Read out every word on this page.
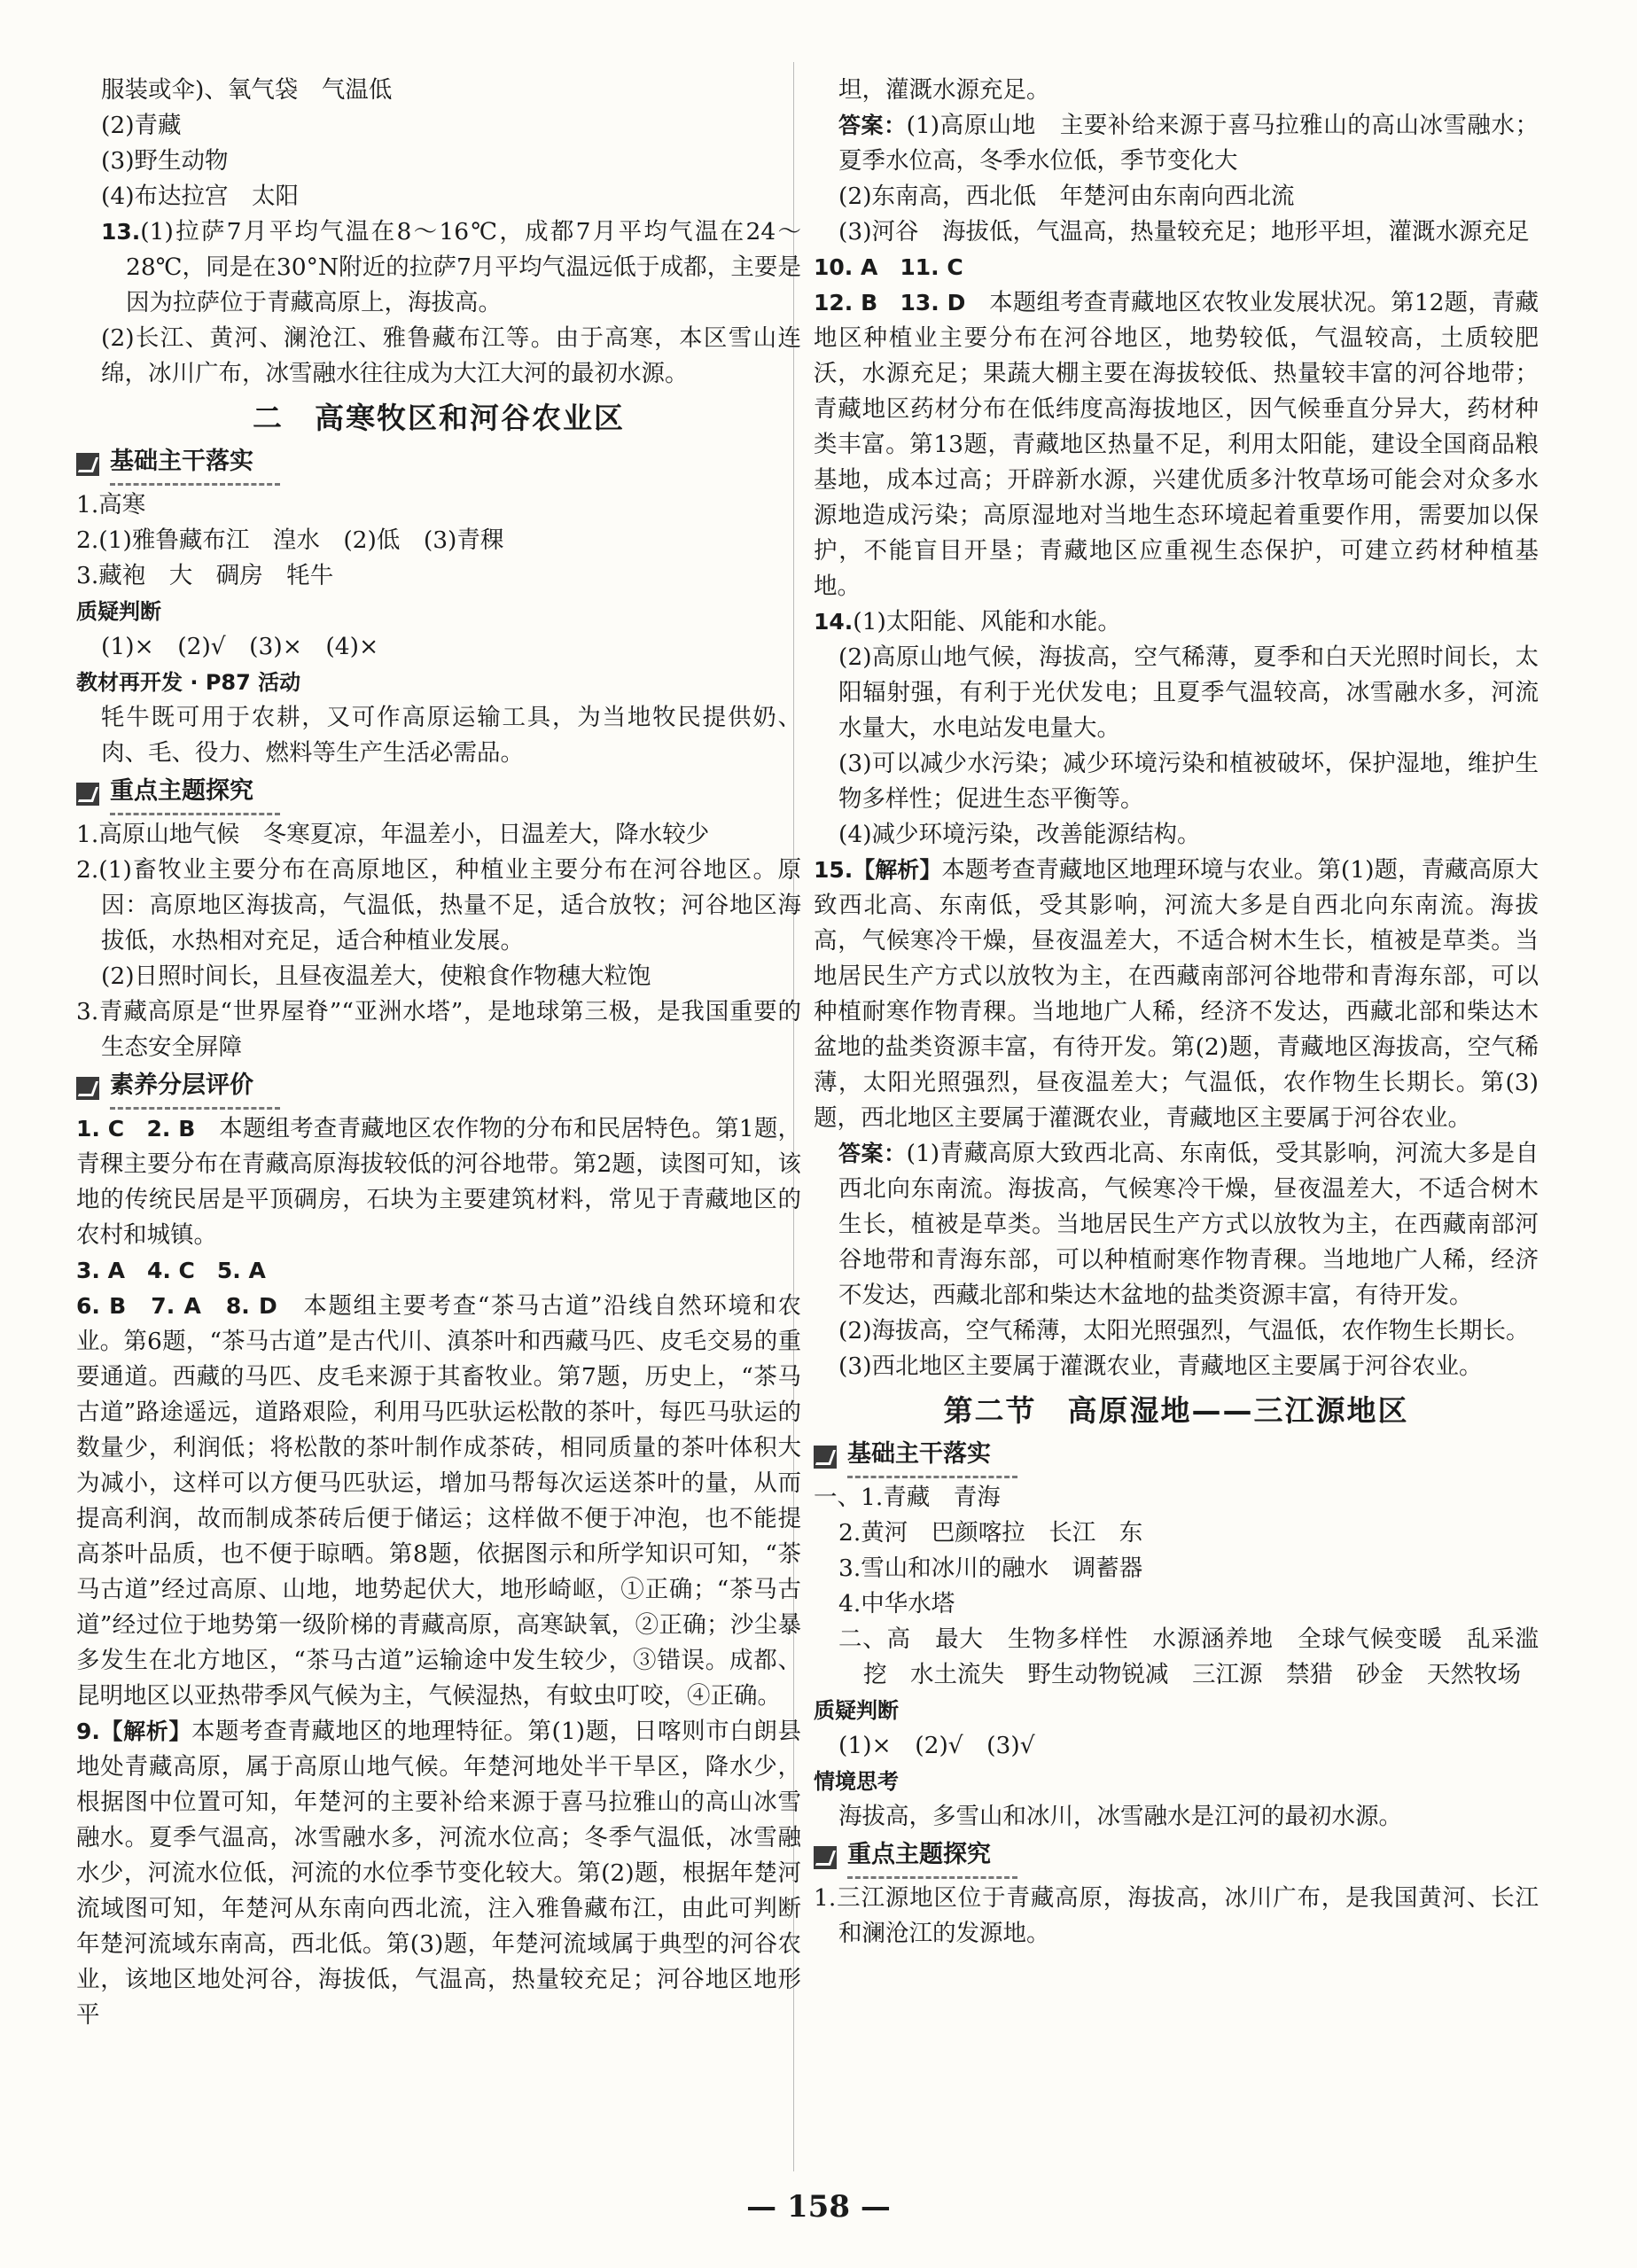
服装或伞)、氧气袋　气温低

(2)青藏

(3)野生动物

(4)布达拉宫　太阳

13.(1)拉萨7月平均气温在8～16℃，成都7月平均气温在24～28℃，同是在30°N附近的拉萨7月平均气温远低于成都，主要是因为拉萨位于青藏高原上，海拔高。

(2)长江、黄河、澜沧江、雅鲁藏布江等。由于高寒，本区雪山连绵，冰川广布，冰雪融水往往成为大江大河的最初水源。

二　高寒牧区和河谷农业区
基础主干落实

1.高寒

2.(1)雅鲁藏布江　湟水　(2)低　(3)青稞

3.藏袍　大　碉房　牦牛

质疑判断

(1)×　(2)√　(3)×　(4)×

教材再开发 · P87 活动

牦牛既可用于农耕，又可作高原运输工具，为当地牧民提供奶、肉、毛、役力、燃料等生产生活必需品。

重点主题探究

1.高原山地气候　冬寒夏凉，年温差小，日温差大，降水较少

2.(1)畜牧业主要分布在高原地区，种植业主要分布在河谷地区。原因：高原地区海拔高，气温低，热量不足，适合放牧；河谷地区海拔低，水热相对充足，适合种植业发展。

(2)日照时间长，且昼夜温差大，使粮食作物穗大粒饱

3.青藏高原是“世界屋脊”“亚洲水塔”，是地球第三极，是我国重要的生态安全屏障

素养分层评价

1. C　2. B　 本题组考查青藏地区农作物的分布和民居特色。第1题，青稞主要分布在青藏高原海拔较低的河谷地带。第2题，读图可知，该地的传统民居是平顶碉房，石块为主要建筑材料，常见于青藏地区的农村和城镇。

3. A　4. C　5. A

6. B　7. A　8. D　 本题组主要考查“茶马古道”沿线自然环境和农业。第6题，“茶马古道”是古代川、滇茶叶和西藏马匹、皮毛交易的重要通道。西藏的马匹、皮毛来源于其畜牧业。第7题，历史上，“茶马古道”路途遥远，道路艰险，利用马匹驮运松散的茶叶，每匹马驮运的数量少，利润低；将松散的茶叶制作成茶砖，相同质量的茶叶体积大为减小，这样可以方便马匹驮运，增加马帮每次运送茶叶的量，从而提高利润，故而制成茶砖后便于储运；这样做不便于冲泡，也不能提高茶叶品质，也不便于晾晒。第8题，依据图示和所学知识可知，“茶马古道”经过高原、山地，地势起伏大，地形崎岖，①正确；“茶马古道”经过位于地势第一级阶梯的青藏高原，高寒缺氧，②正确；沙尘暴多发生在北方地区，“茶马古道”运输途中发生较少，③错误。成都、昆明地区以亚热带季风气候为主，气候湿热，有蚊虫叮咬，④正确。

9.【解析】本题考查青藏地区的地理特征。第(1)题，日喀则市白朗县地处青藏高原，属于高原山地气候。年楚河地处半干旱区，降水少，根据图中位置可知，年楚河的主要补给来源于喜马拉雅山的高山冰雪融水。夏季气温高，冰雪融水多，河流水位高；冬季气温低，冰雪融水少，河流水位低，河流的水位季节变化较大。第(2)题，根据年楚河流域图可知，年楚河从东南向西北流，注入雅鲁藏布江，由此可判断年楚河流域东南高，西北低。第(3)题，年楚河流域属于典型的河谷农业，该地区地处河谷，海拔低，气温高，热量较充足；河谷地区地形平

坦，灌溉水源充足。

答案：(1)高原山地　主要补给来源于喜马拉雅山的高山冰雪融水；夏季水位高，冬季水位低，季节变化大

(2)东南高，西北低　年楚河由东南向西北流

(3)河谷　海拔低，气温高，热量较充足；地形平坦，灌溉水源充足

10. A　11. C

12. B　13. D　 本题组考查青藏地区农牧业发展状况。第12题，青藏地区种植业主要分布在河谷地区，地势较低，气温较高，土质较肥沃，水源充足；果蔬大棚主要在海拔较低、热量较丰富的河谷地带；青藏地区药材分布在低纬度高海拔地区，因气候垂直分异大，药材种类丰富。第13题，青藏地区热量不足，利用太阳能，建设全国商品粮基地，成本过高；开辟新水源，兴建优质多汁牧草场可能会对众多水源地造成污染；高原湿地对当地生态环境起着重要作用，需要加以保护，不能盲目开垦；青藏地区应重视生态保护，可建立药材种植基地。

14.(1)太阳能、风能和水能。

(2)高原山地气候，海拔高，空气稀薄，夏季和白天光照时间长，太阳辐射强，有利于光伏发电；且夏季气温较高，冰雪融水多，河流水量大，水电站发电量大。

(3)可以减少水污染；减少环境污染和植被破坏，保护湿地，维护生物多样性；促进生态平衡等。

(4)减少环境污染，改善能源结构。

15.【解析】本题考查青藏地区地理环境与农业。第(1)题，青藏高原大致西北高、东南低，受其影响，河流大多是自西北向东南流。海拔高，气候寒冷干燥，昼夜温差大，不适合树木生长，植被是草类。当地居民生产方式以放牧为主，在西藏南部河谷地带和青海东部，可以种植耐寒作物青稞。当地地广人稀，经济不发达，西藏北部和柴达木盆地的盐类资源丰富，有待开发。第(2)题，青藏地区海拔高，空气稀薄，太阳光照强烈，昼夜温差大；气温低，农作物生长期长。第(3)题，西北地区主要属于灌溉农业，青藏地区主要属于河谷农业。

答案：(1)青藏高原大致西北高、东南低，受其影响，河流大多是自西北向东南流。海拔高，气候寒冷干燥，昼夜温差大，不适合树木生长，植被是草类。当地居民生产方式以放牧为主，在西藏南部河谷地带和青海东部，可以种植耐寒作物青稞。当地地广人稀，经济不发达，西藏北部和柴达木盆地的盐类资源丰富，有待开发。

(2)海拔高，空气稀薄，太阳光照强烈，气温低，农作物生长期长。

(3)西北地区主要属于灌溉农业，青藏地区主要属于河谷农业。

第二节　高原湿地——三江源地区
基础主干落实

一、1.青藏　青海

2.黄河　巴颜喀拉　长江　东

3.雪山和冰川的融水　调蓄器

4.中华水塔

二、高　最大　生物多样性　水源涵养地　全球气候变暖　乱采滥挖　水土流失　野生动物锐减　三江源　禁猎　砂金　天然牧场

质疑判断

(1)×　(2)√　(3)√

情境思考

海拔高，多雪山和冰川，冰雪融水是江河的最初水源。

重点主题探究

1.三江源地区位于青藏高原，海拔高，冰川广布，是我国黄河、长江和澜沧江的发源地。

— 158 —
